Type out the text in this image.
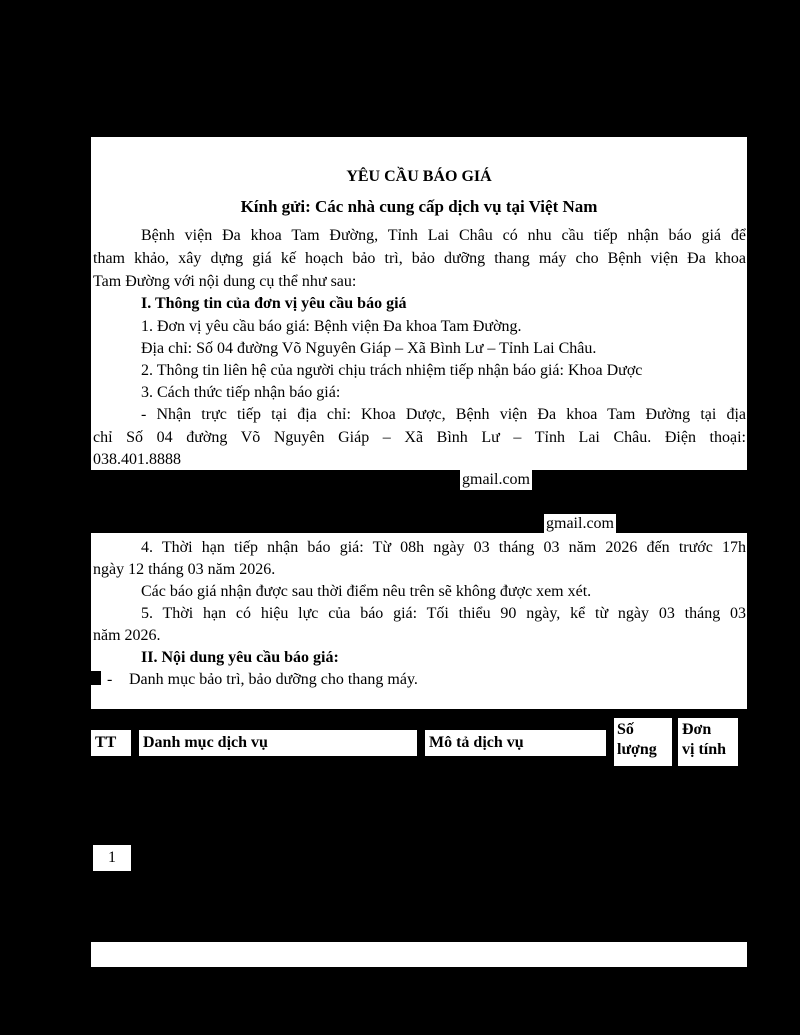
YÊU CẦU BÁO GIÁ
Kính gửi: Các nhà cung cấp dịch vụ tại Việt Nam
Bệnh viện Đa khoa Tam Đường, Tỉnh Lai Châu có nhu cầu tiếp nhận báo giá để
tham khảo, xây dựng giá kế hoạch bảo trì, bảo dưỡng thang máy cho Bệnh viện Đa khoa
Tam Đường với nội dung cụ thể như sau:
I. Thông tin của đơn vị yêu cầu báo giá
1. Đơn vị yêu cầu báo giá: Bệnh viện Đa khoa Tam Đường.
Địa chỉ: Số 04 đường Võ Nguyên Giáp – Xã Bình Lư – Tỉnh Lai Châu.
2. Thông tin liên hệ của người chịu trách nhiệm tiếp nhận báo giá: Khoa Dược
3. Cách thức tiếp nhận báo giá:
- Nhận trực tiếp tại địa chỉ: Khoa Dược, Bệnh viện Đa khoa Tam Đường tại địa
chỉ Số 04 đường Võ Nguyên Giáp – Xã Bình Lư – Tỉnh Lai Châu. Điện thoại:
038.401.8888
gmail.com
gmail.com
4. Thời hạn tiếp nhận báo giá: Từ 08h ngày 03 tháng 03 năm 2026 đến trước 17h
ngày 12 tháng 03 năm 2026.
Các báo giá nhận được sau thời điểm nêu trên sẽ không được xem xét.
5. Thời hạn có hiệu lực của báo giá: Tối thiểu 90 ngày, kể từ ngày 03 tháng 03
năm 2026.
II. Nội dung yêu cầu báo giá:
- Danh mục bảo trì, bảo dưỡng cho thang máy.
TT	Danh mục dịch vụ	Mô tả dịch vụ
Số
lượng
Đơn
vị tính
1
